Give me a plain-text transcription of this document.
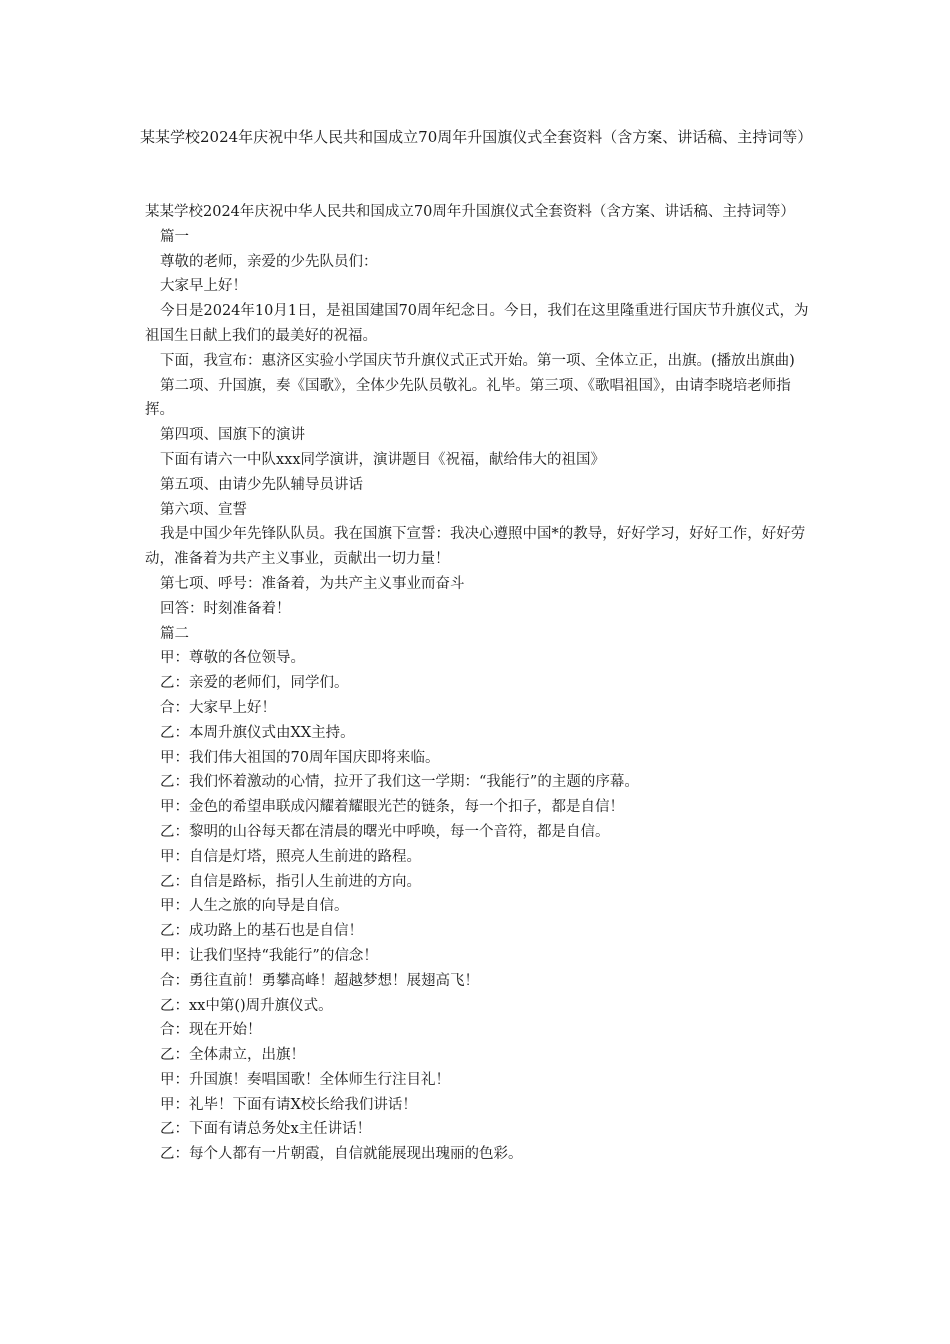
某某学校2024年庆祝中华人民共和国成立70周年升国旗仪式全套资料（含方案、讲话稿、主持词等）

某某学校2024年庆祝中华人民共和国成立70周年升国旗仪式全套资料（含方案、讲话稿、主持词等）

篇一

尊敬的老师，亲爱的少先队员们：

大家早上好！

今日是2024年10月1日，是祖国建国70周年纪念日。今日，我们在这里隆重进行国庆节升旗仪式，为祖国生日献上我们的最美好的祝福。

下面，我宣布：惠济区实验小学国庆节升旗仪式正式开始。第一项、全体立正，出旗。(播放出旗曲)

第二项、升国旗，奏《国歌》，全体少先队员敬礼。礼毕。第三项、《歌唱祖国》，由请李晓培老师指挥。

第四项、国旗下的演讲

下面有请六一中队xxx同学演讲，演讲题目《祝福，献给伟大的祖国》

第五项、由请少先队辅导员讲话

第六项、宣誓

我是中国少年先锋队队员。我在国旗下宣誓：我决心遵照中国*的教导，好好学习，好好工作，好好劳动，准备着为共产主义事业，贡献出一切力量！

第七项、呼号：准备着，为共产主义事业而奋斗

回答：时刻准备着！

篇二

甲：尊敬的各位领导。

乙：亲爱的老师们，同学们。

合：大家早上好！

乙：本周升旗仪式由XX主持。

甲：我们伟大祖国的70周年国庆即将来临。

乙：我们怀着激动的心情，拉开了我们这一学期：“我能行”的主题的序幕。

甲：金色的希望串联成闪耀着耀眼光芒的链条，每一个扣子，都是自信！

乙：黎明的山谷每天都在清晨的曙光中呼唤，每一个音符，都是自信。

甲：自信是灯塔，照亮人生前进的路程。

乙：自信是路标，指引人生前进的方向。

甲：人生之旅的向导是自信。

乙：成功路上的基石也是自信！

甲：让我们坚持“我能行”的信念！

合：勇往直前！勇攀高峰！超越梦想！展翅高飞！

乙：xx中第()周升旗仪式。

合：现在开始！

乙：全体肃立，出旗！

甲：升国旗！奏唱国歌！全体师生行注目礼！

甲：礼毕！下面有请X校长给我们讲话！

乙：下面有请总务处x主任讲话！

乙：每个人都有一片朝霞，自信就能展现出瑰丽的色彩。
